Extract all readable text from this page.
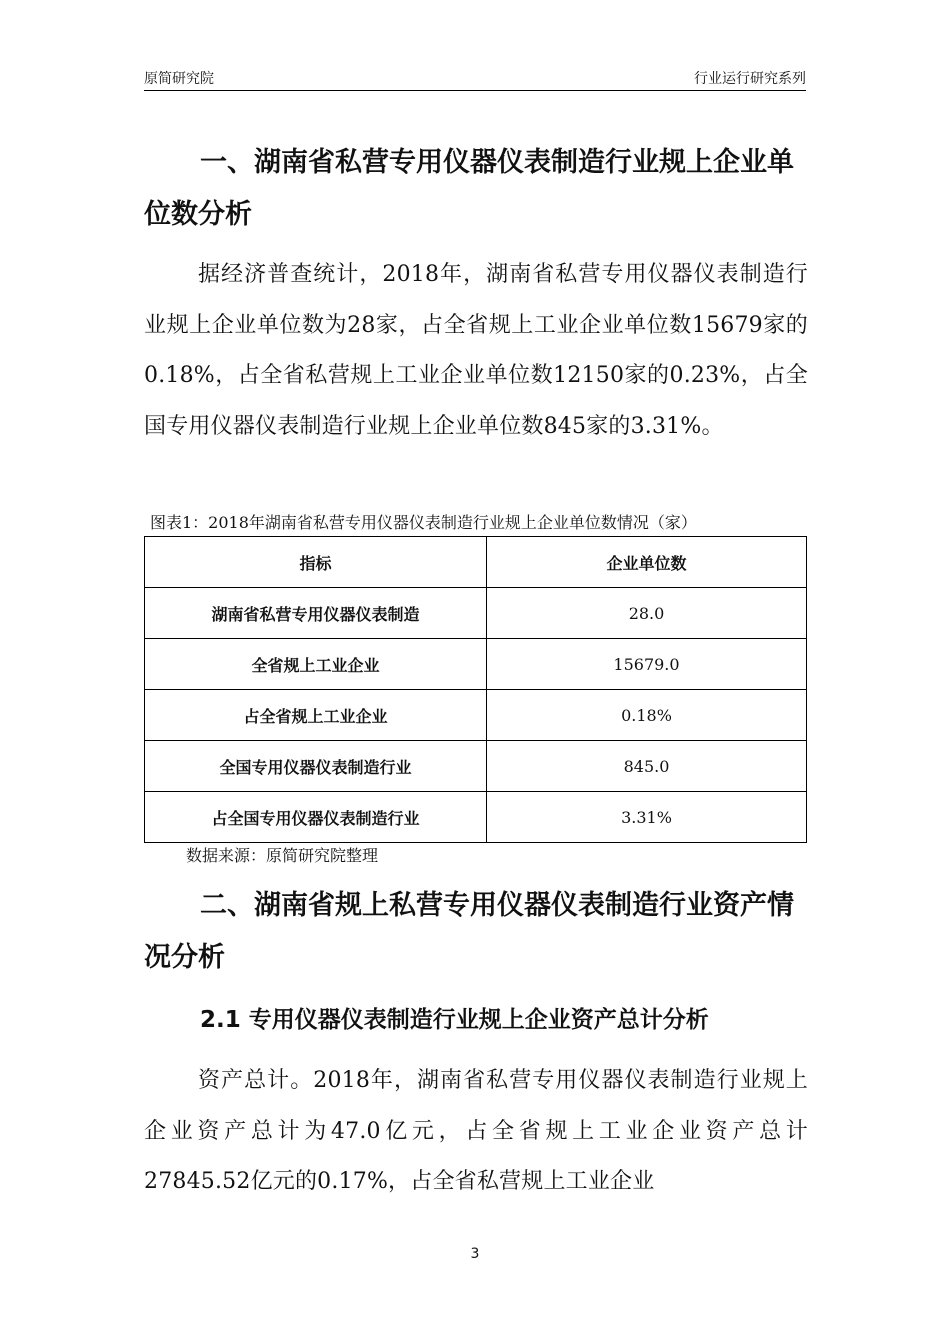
原简研究院	行业运行研究系列
一、湖南省私营专用仪器仪表制造行业规上企业单位数分析

据经济普查统计，2018年，湖南省私营专用仪器仪表制造行业规上企业单位数为28家，占全省规上工业企业单位数15679家的0.18%，占全省私营规上工业企业单位数12150家的0.23%，占全国专用仪器仪表制造行业规上企业单位数845家的3.31%。

图表1：2018年湖南省私营专用仪器仪表制造行业规上企业单位数情况（家）
指标	企业单位数
湖南省私营专用仪器仪表制造	28.0
全省规上工业企业	15679.0
占全省规上工业企业	0.18%
全国专用仪器仪表制造行业	845.0
占全国专用仪器仪表制造行业	3.31%
数据来源：原简研究院整理
二、湖南省规上私营专用仪器仪表制造行业资产情况分析
2.1 专用仪器仪表制造行业规上企业资产总计分析

资产总计。2018年，湖南省私营专用仪器仪表制造行业规上企业资产总计为47.0亿元，占全省规上工业企业资产总计27845.52亿元的0.17%，占全省私营规上工业企业

3
